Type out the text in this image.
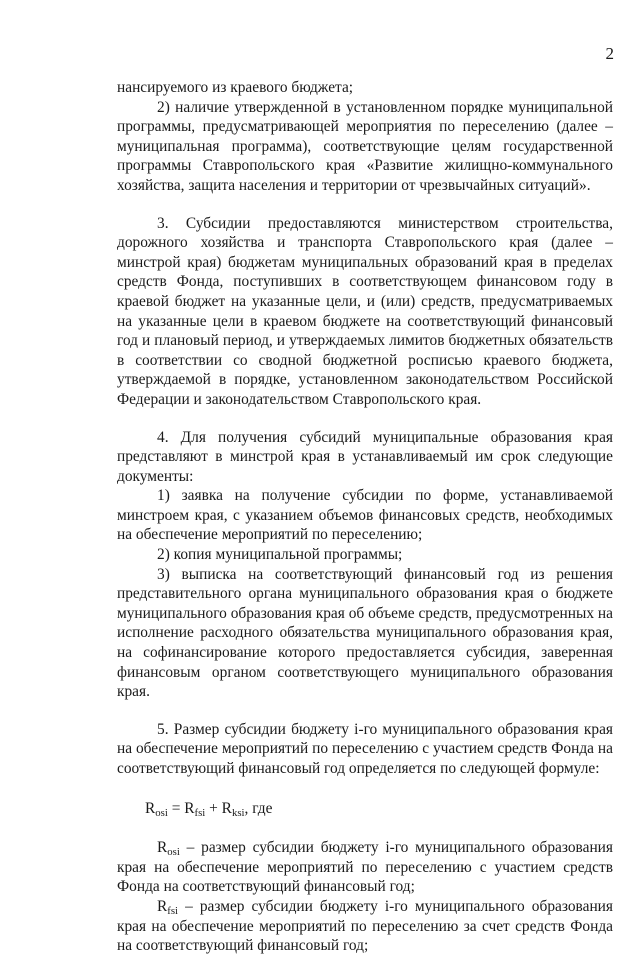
2

нансируемого из краевого бюджета;

2) наличие утвержденной в установленном порядке муниципальной программы, предусматривающей мероприятия по переселению (далее – муниципальная программа), соответствующие целям государственной программы Ставропольского края «Развитие жилищно-коммунального хозяйства, защита населения и территории от чрезвычайных ситуаций».

3. Субсидии предоставляются министерством строительства, дорожного хозяйства и транспорта Ставропольского края (далее – минстрой края) бюджетам муниципальных образований края в пределах средств Фонда, поступивших в соответствующем финансовом году в краевой бюджет на указанные цели, и (или) средств, предусматриваемых на указанные цели в краевом бюджете на соответствующий финансовый год и плановый период, и утверждаемых лимитов бюджетных обязательств в соответствии со сводной бюджетной росписью краевого бюджета, утверждаемой в порядке, установленном законодательством Российской Федерации и законодательством Ставропольского края.

4. Для получения субсидий муниципальные образования края представляют в минстрой края в устанавливаемый им срок следующие документы:

1) заявка на получение субсидии по форме, устанавливаемой минстроем края, с указанием объемов финансовых средств, необходимых на обеспечение мероприятий по переселению;

2) копия муниципальной программы;

3) выписка на соответствующий финансовый год из решения представительного органа муниципального образования края о бюджете муниципального образования края об объеме средств, предусмотренных на исполнение расходного обязательства муниципального образования края, на софинансирование которого предоставляется субсидия, заверенная финансовым органом соответствующего муниципального образования края.

5. Размер субсидии бюджету i-го муниципального образования края на обеспечение мероприятий по переселению с участием средств Фонда на соответствующий финансовый год определяется по следующей формуле:

$R_{osi} = R_{fsi} + R_{ksi}$, где

$R_{osi}$ – размер субсидии бюджету i-го муниципального образования края на обеспечение мероприятий по переселению с участием средств Фонда на соответствующий финансовый год;

$R_{fsi}$ – размер субсидии бюджету i-го муниципального образования края на обеспечение мероприятий по переселению за счет средств Фонда на соответствующий финансовый год;
